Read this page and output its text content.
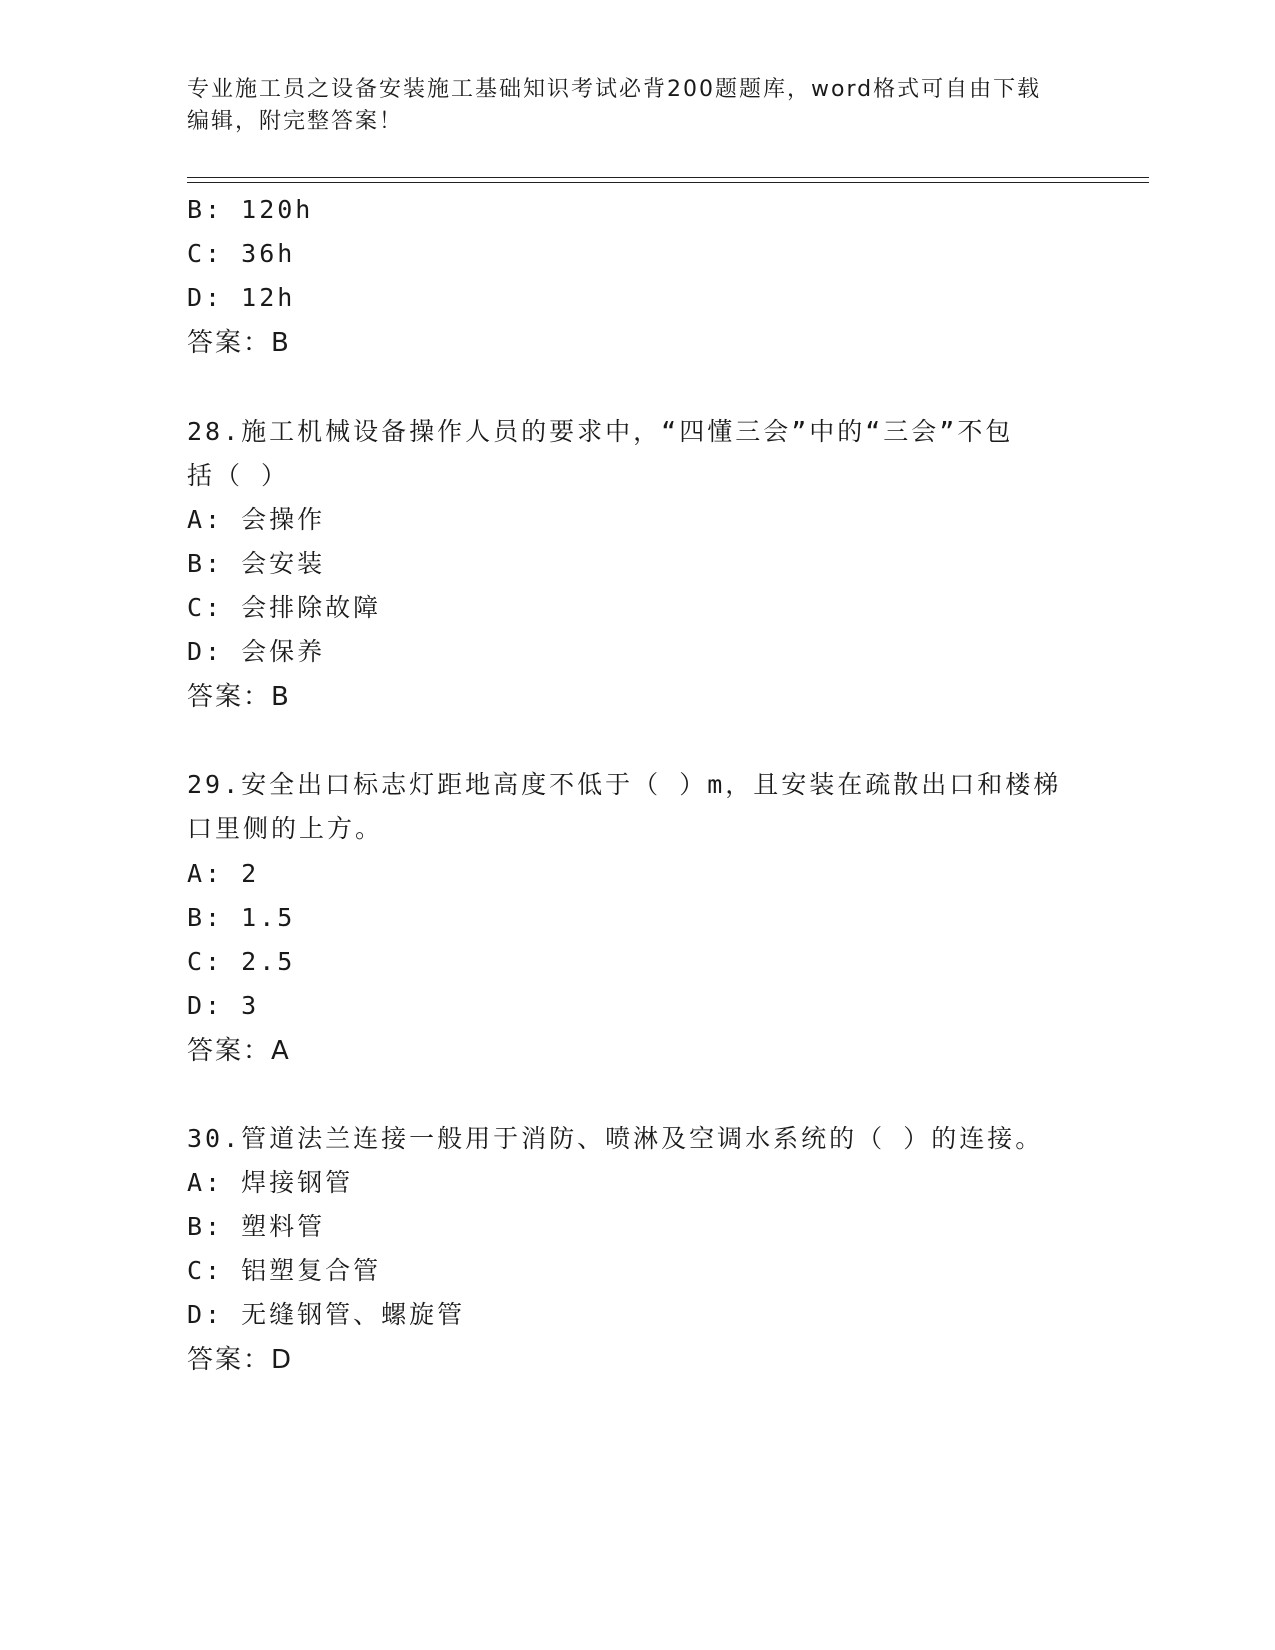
专业施工员之设备安装施工基础知识考试必背200题题库，word格式可自由下载
编辑，附完整答案！
B: 120h
C: 36h
D: 12h
答案：B
28.施工机械设备操作人员的要求中，“四懂三会”中的“三会”不包
括（ ）
A: 会操作
B: 会安装
C: 会排除故障
D: 会保养
答案：B
29.安全出口标志灯距地高度不低于（ ）m，且安装在疏散出口和楼梯
口里侧的上方。
A: 2
B: 1.5
C: 2.5
D: 3
答案：A
30.管道法兰连接一般用于消防、喷淋及空调水系统的（ ）的连接。
A: 焊接钢管
B: 塑料管
C: 铝塑复合管
D: 无缝钢管、螺旋管
答案：D
